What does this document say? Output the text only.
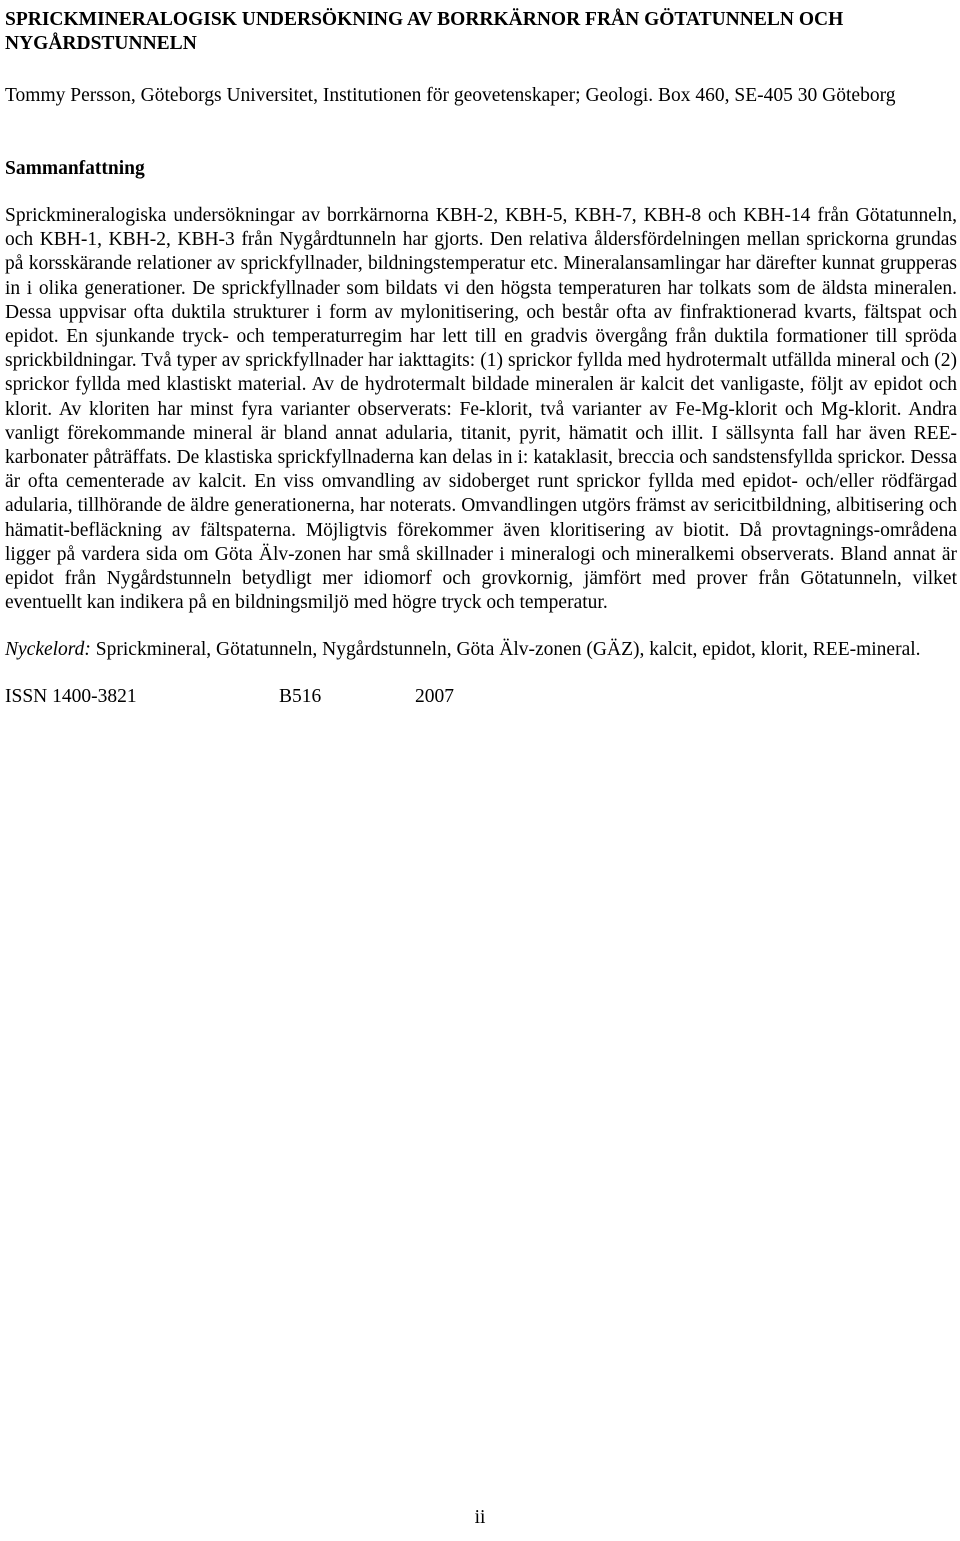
SPRICKMINERALOGISK UNDERSÖKNING AV BORRKÄRNOR FRÅN GÖTATUNNELN OCH NYGÅRDSTUNNELN
Tommy Persson, Göteborgs Universitet, Institutionen för geovetenskaper; Geologi. Box 460, SE-405 30 Göteborg
Sammanfattning
Sprickmineralogiska undersökningar av borrkärnorna KBH-2, KBH-5, KBH-7, KBH-8 och KBH-14 från Götatunneln, och KBH-1, KBH-2, KBH-3 från Nygårdtunneln har gjorts. Den relativa åldersfördelningen mellan sprickorna grundas på korsskärande relationer av sprickfyllnader, bildningstemperatur etc. Mineralansamlingar har därefter kunnat grupperas in i olika generationer. De sprickfyllnader som bildats vi den högsta temperaturen har tolkats som de äldsta mineralen. Dessa uppvisar ofta duktila strukturer i form av mylonitisering, och består ofta av finfraktionerad kvarts, fältspat och epidot. En sjunkande tryck- och temperaturregim har lett till en gradvis övergång från duktila formationer till spröda sprickbildningar. Två typer av sprickfyllnader har iakttagits: (1) sprickor fyllda med hydrotermalt utfällda mineral och (2) sprickor fyllda med klastiskt material. Av de hydrotermalt bildade mineralen är kalcit det vanligaste, följt av epidot och klorit. Av kloriten har minst fyra varianter observerats: Fe-klorit, två varianter av Fe-Mg-klorit och Mg-klorit. Andra vanligt förekommande mineral är bland annat adularia, titanit, pyrit, hämatit och illit. I sällsynta fall har även REE-karbonater påträffats. De klastiska sprickfyllnaderna kan delas in i: kataklasit, breccia och sandstensfyllda sprickor. Dessa är ofta cementerade av kalcit. En viss omvandling av sidoberget runt sprickor fyllda med epidot- och/eller rödfärgad adularia, tillhörande de äldre generationerna, har noterats. Omvandlingen utgörs främst av sericitbildning, albitisering och hämatit-befläckning av fältspaterna. Möjligtvis förekommer även kloritisering av biotit. Då provtagnings-områdena ligger på vardera sida om Göta Älv-zonen har små skillnader i mineralogi och mineralkemi observerats. Bland annat är epidot från Nygårdstunneln betydligt mer idiomorf och grovkornig, jämfört med prover från Götatunneln, vilket eventuellt kan indikera på en bildningsmiljö med högre tryck och temperatur.
Nyckelord: Sprickmineral, Götatunneln, Nygårdstunneln, Göta Älv-zonen (GÄZ), kalcit, epidot, klorit, REE-mineral.
ISSN 1400-3821	B516	2007
ii
